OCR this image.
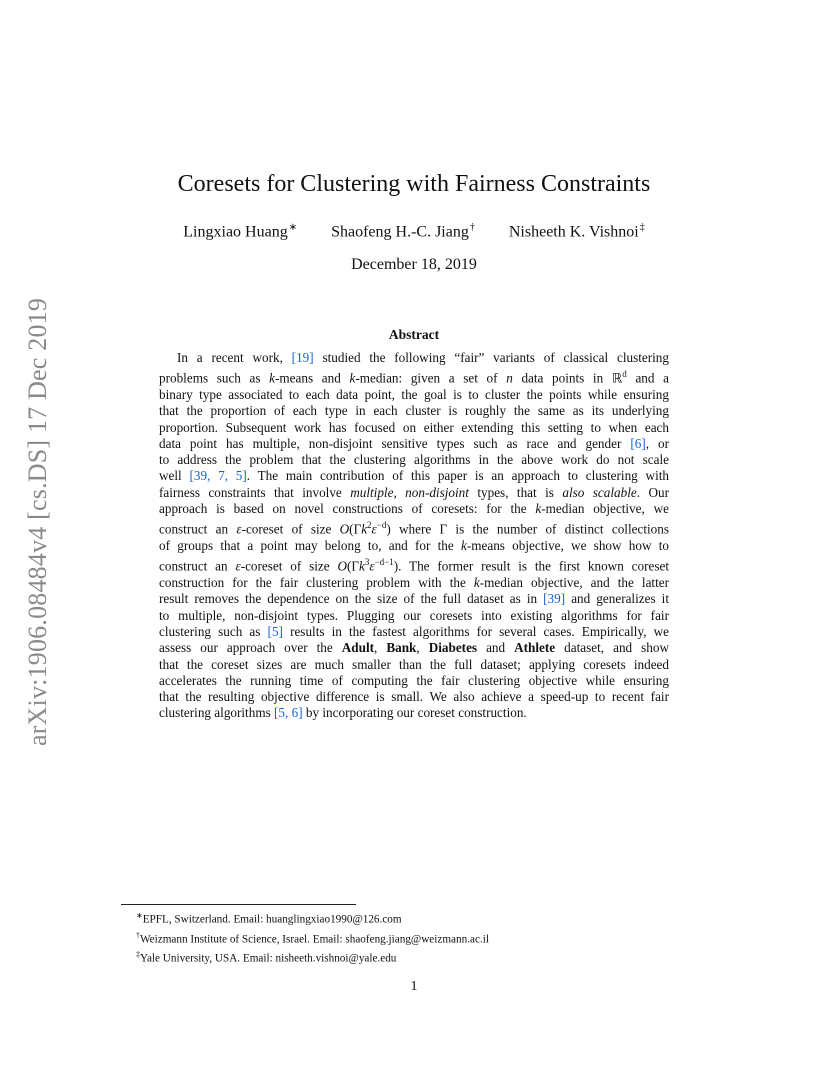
arXiv:1906.08484v4 [cs.DS] 17 Dec 2019
Coresets for Clustering with Fairness Constraints
Lingxiao Huang∗ Shaofeng H.-C. Jiang† Nisheeth K. Vishnoi‡
December 18, 2019
Abstract
In a recent work, [19] studied the following “fair” variants of classical clustering
problems such as k-means and k-median: given a set of n data points in ℝ$^d$ and a
binary type associated to each data point, the goal is to cluster the points while ensuring
that the proportion of each type in each cluster is roughly the same as its underlying
proportion. Subsequent work has focused on either extending this setting to when each
data point has multiple, non-disjoint sensitive types such as race and gender [6], or
to address the problem that the clustering algorithms in the above work do not scale
well [39, 7, 5]. The main contribution of this paper is an approach to clustering with
fairness constraints that involve multiple, non-disjoint types, that is also scalable. Our
approach is based on novel constructions of coresets: for the k-median objective, we
construct an ε-coreset of size $O(\Gamma k^2\varepsilon^{-d})$ where Γ is the number of distinct collections
of groups that a point may belong to, and for the k-means objective, we show how to
construct an ε-coreset of size $O(\Gamma k^3\varepsilon^{-d-1})$. The former result is the first known coreset
construction for the fair clustering problem with the k-median objective, and the latter
result removes the dependence on the size of the full dataset as in [39] and generalizes it
to multiple, non-disjoint types. Plugging our coresets into existing algorithms for fair
clustering such as [5] results in the fastest algorithms for several cases. Empirically, we
assess our approach over the Adult, Bank, Diabetes and Athlete dataset, and show
that the coreset sizes are much smaller than the full dataset; applying coresets indeed
accelerates the running time of computing the fair clustering objective while ensuring
that the resulting objective difference is small. We also achieve a speed-up to recent fair
clustering algorithms [5, 6] by incorporating our coreset construction.
∗EPFL, Switzerland. Email: huanglingxiao1990@126.com
†Weizmann Institute of Science, Israel. Email: shaofeng.jiang@weizmann.ac.il
‡Yale University, USA. Email: nisheeth.vishnoi@yale.edu
1
